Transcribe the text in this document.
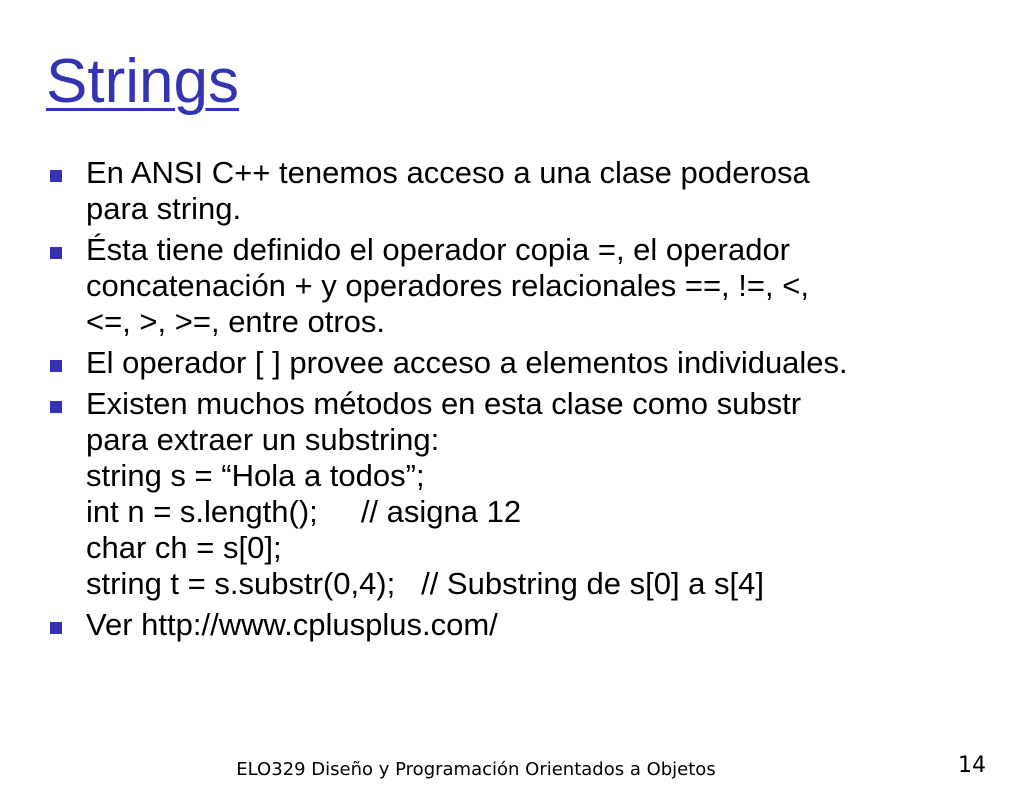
Strings
En ANSI C++ tenemos acceso a una clase poderosa
para string.
Ésta tiene definido el operador copia =, el operador
concatenación + y operadores relacionales ==, !=, <,
<=, >, >=, entre otros.
El operador [ ] provee acceso a elementos individuales.
Existen muchos métodos en esta clase como substr
para extraer un substring:
string s = “Hola a todos”;
int n = s.length();     // asigna 12
char ch = s[0];
string t = s.substr(0,4);   // Substring de s[0] a s[4]
Ver http://www.cplusplus.com/
ELO329 Diseño y Programación Orientados a Objetos	14
